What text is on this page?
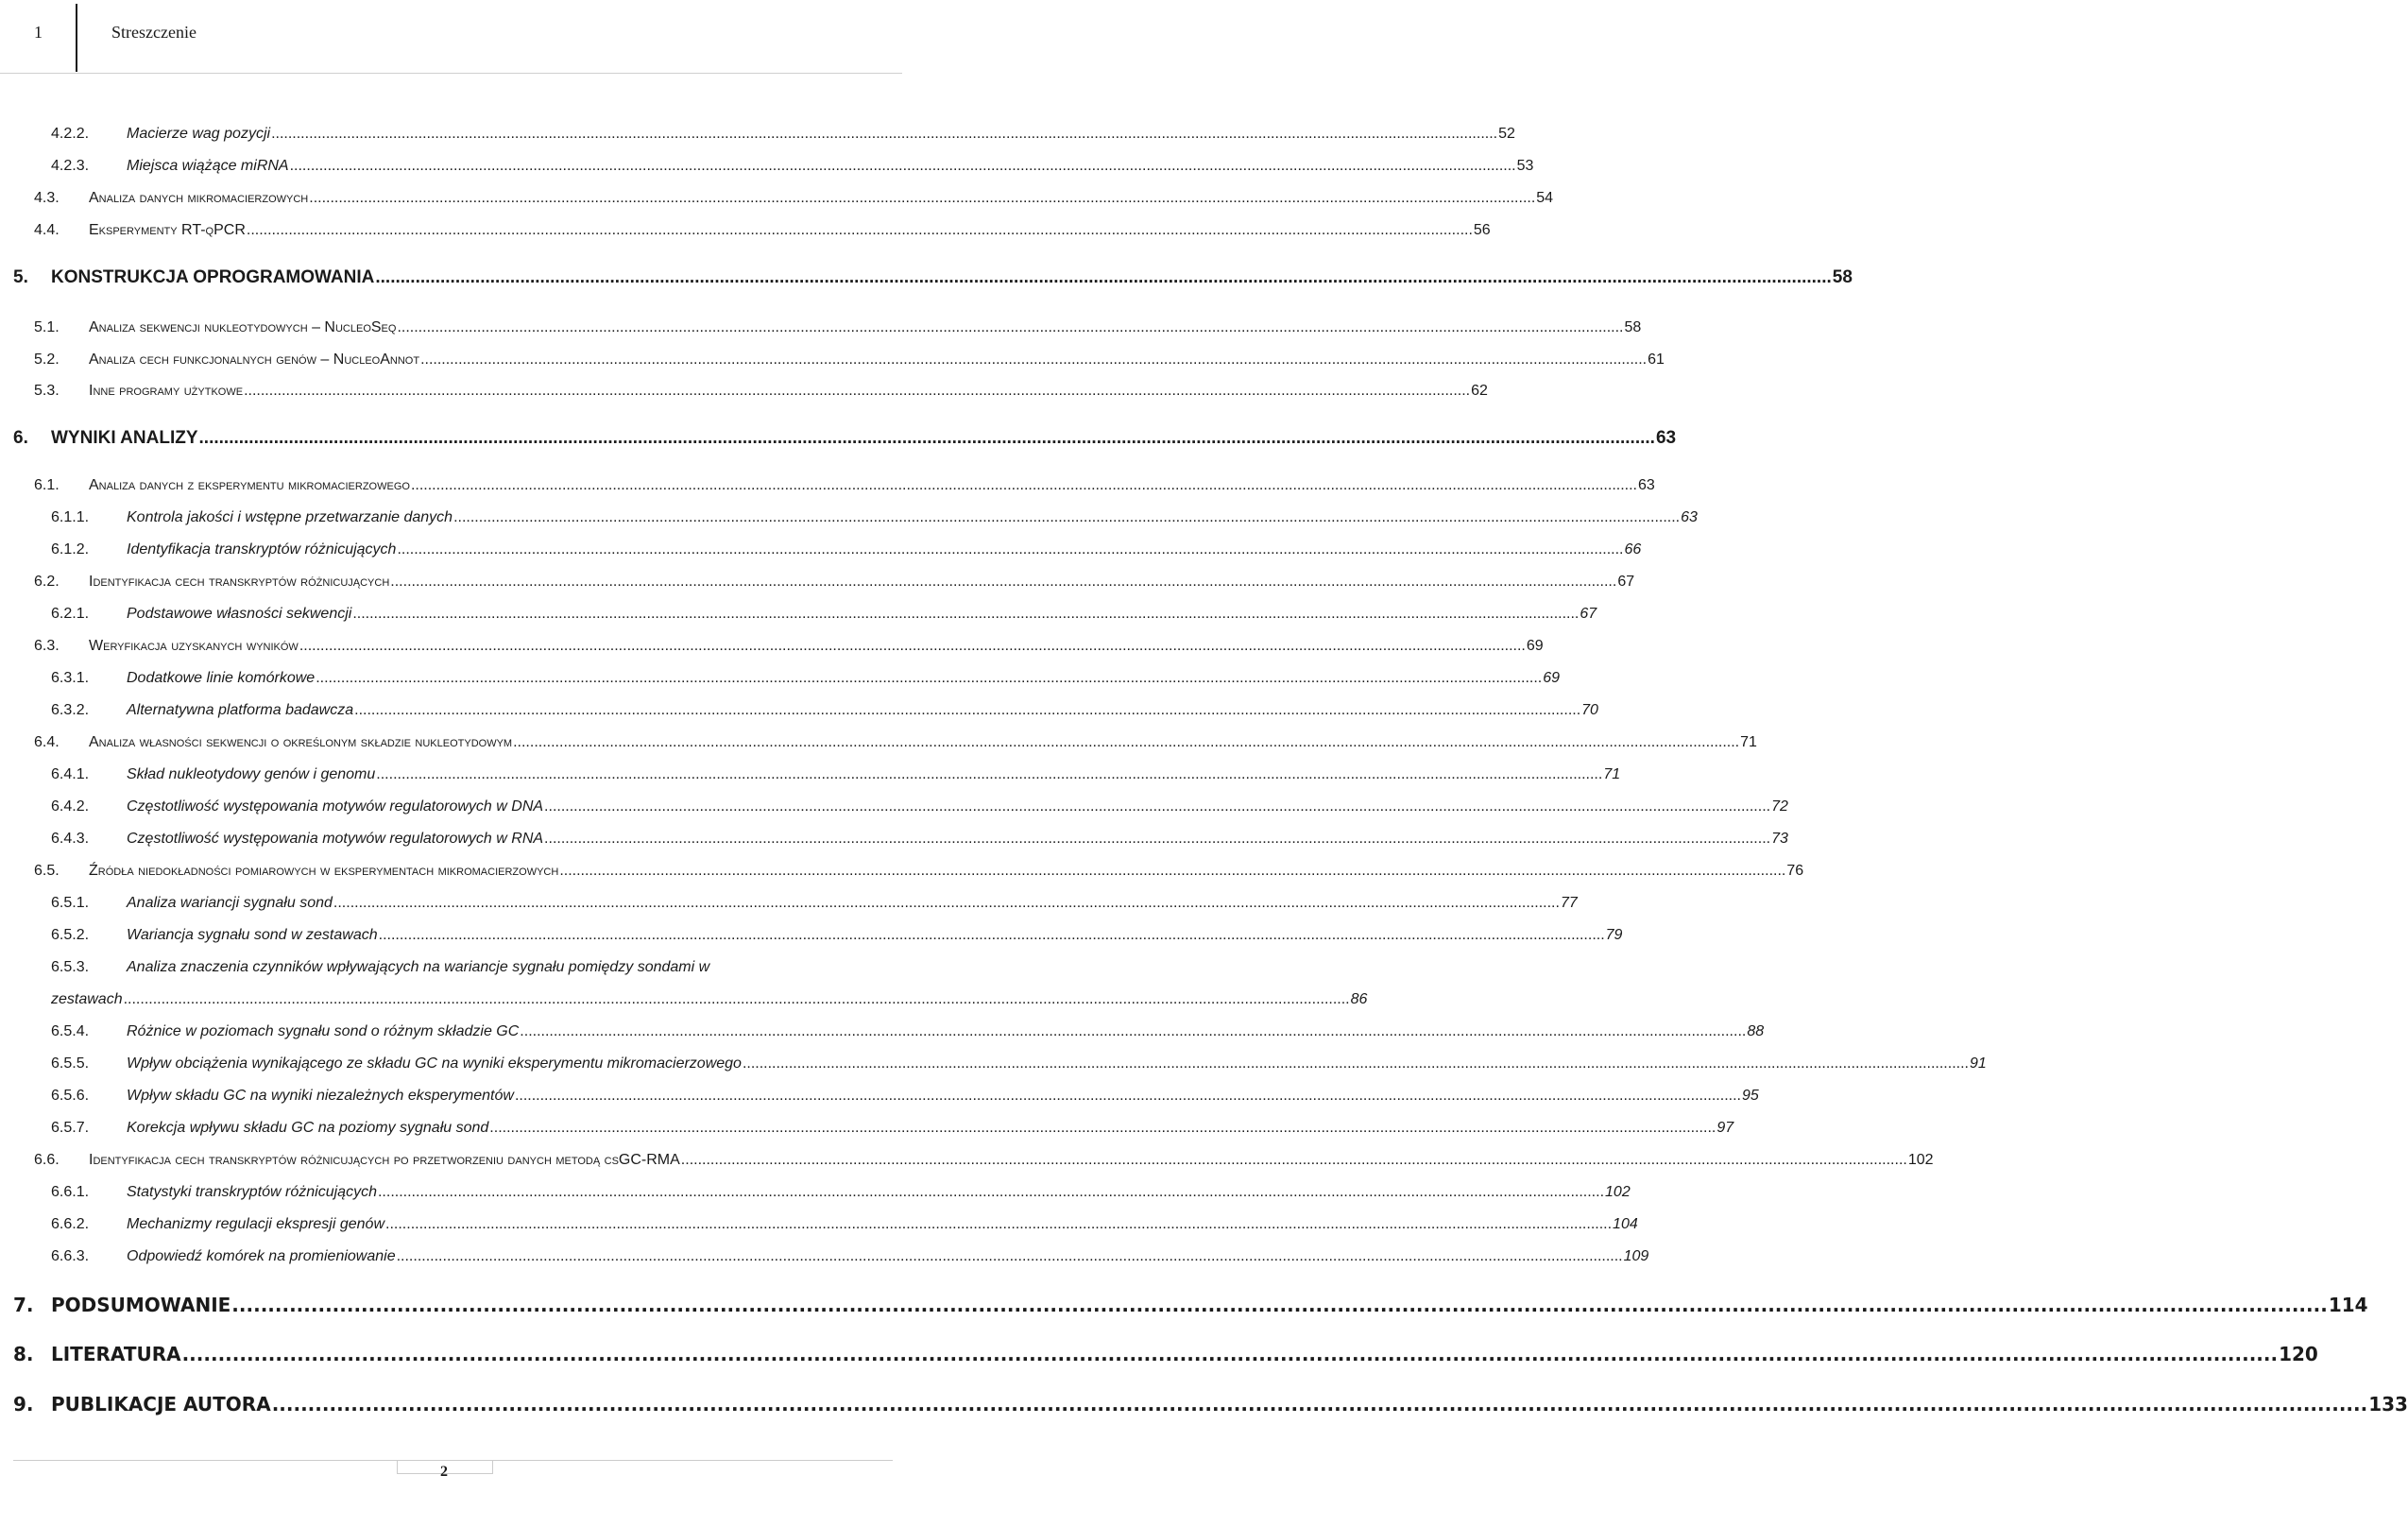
1	Streszczenie
4.2.2.	Macierze wag pozycji .....	52
4.2.3.	Miejsca wiążące miRNA .....	53
4.3.	Analiza danych mikromacierzowych .....	54
4.4.	Eksperymenty RT-qPCR .....	56
5.	KONSTRUKCJA OPROGRAMOWANIA .....	58
5.1.	Analiza sekwencji nukleotydowych – NucleoSeq .....	58
5.2.	Analiza cech funkcjonalnych genów – NucleoAnnot .....	61
5.3.	Inne programy użytkowe .....	62
6.	WYNIKI ANALIZY .....	63
6.1.	Analiza danych z eksperymentu mikromacierzowego .....	63
6.1.1.	Kontrola jakości i wstępne przetwarzanie danych .....	63
6.1.2.	Identyfikacja transkryptów różnicujących .....	66
6.2.	Identyfikacja cech transkryptów różnicujących .....	67
6.2.1.	Podstawowe własności sekwencji .....	67
6.3.	Weryfikacja uzyskanych wyników .....	69
6.3.1.	Dodatkowe linie komórkowe .....	69
6.3.2.	Alternatywna platforma badawcza .....	70
6.4.	Analiza własności sekwencji o określonym składzie nukleotydowym .....	71
6.4.1.	Skład nukleotydowy genów i genomu .....	71
6.4.2.	Częstotliwość występowania motywów regulatorowych w DNA .....	72
6.4.3.	Częstotliwość występowania motywów regulatorowych w RNA .....	73
6.5.	Źródła niedokładności pomiarowych w eksperymentach mikromacierzowych .....	76
6.5.1.	Analiza wariancji sygnału sond .....	77
6.5.2.	Wariancja sygnału sond w zestawach .....	79
6.5.3. Analiza znaczenia czynników wpływających na wariancje sygnału pomiędzy sondami w
zestawach .....	86
6.5.4.	Różnice w poziomach sygnału sond o różnym składzie GC .....	88
6.5.5.	Wpływ obciążenia wynikającego ze składu GC na wyniki eksperymentu mikromacierzowego .....	91
6.5.6.	Wpływ składu GC na wyniki niezależnych eksperymentów .....	95
6.5.7.	Korekcja wpływu składu GC na poziomy sygnału sond .....	97
6.6.	Identyfikacja cech transkryptów różnicujących po przetworzeniu danych metodą csGC-RMA .....	102
6.6.1.	Statystyki transkryptów różnicujących .....	102
6.6.2.	Mechanizmy regulacji ekspresji genów .....	104
6.6.3.	Odpowiedź komórek na promieniowanie .....	109
7. PODSUMOWANIE .....	114
8. LITERATURA .....	120
9. PUBLIKACJE AUTORA .....	133
2
